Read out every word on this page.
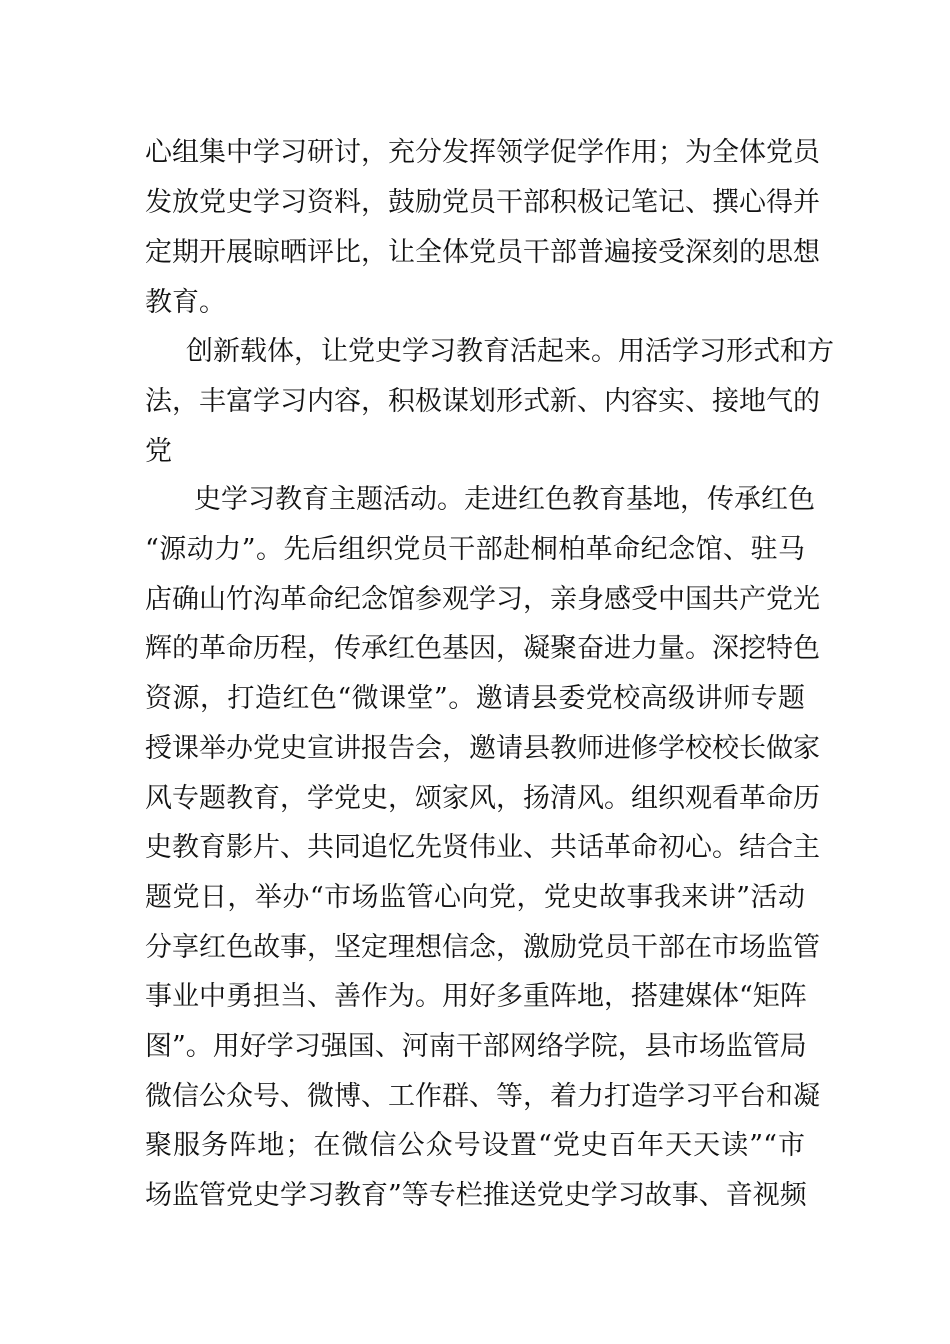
心组集中学习研讨，充分发挥领学促学作用；为全体党员
发放党史学习资料，鼓励党员干部积极记笔记、撰心得并
定期开展晾晒评比，让全体党员干部普遍接受深刻的思想
教育。
创新载体，让党史学习教育活起来。用活学习形式和方
法，丰富学习内容，积极谋划形式新、内容实、接地气的
党
史学习教育主题活动。走进红色教育基地，传承红色
“源动力”。先后组织党员干部赴桐柏革命纪念馆、驻马
店确山竹沟革命纪念馆参观学习，亲身感受中国共产党光
辉的革命历程，传承红色基因，凝聚奋进力量。深挖特色
资源，打造红色“微课堂”。邀请县委党校高级讲师专题
授课举办党史宣讲报告会，邀请县教师进修学校校长做家
风专题教育，学党史，颂家风，扬清风。组织观看革命历
史教育影片、共同追忆先贤伟业、共话革命初心。结合主
题党日，举办“市场监管心向党，党史故事我来讲”活动
分享红色故事，坚定理想信念，激励党员干部在市场监管
事业中勇担当、善作为。用好多重阵地，搭建媒体“矩阵
图”。用好学习强国、河南干部网络学院，县市场监管局
微信公众号、微博、工作群、等，着力打造学习平台和凝
聚服务阵地；在微信公众号设置“党史百年天天读”“市
场监管党史学习教育”等专栏推送党史学习故事、音视频
